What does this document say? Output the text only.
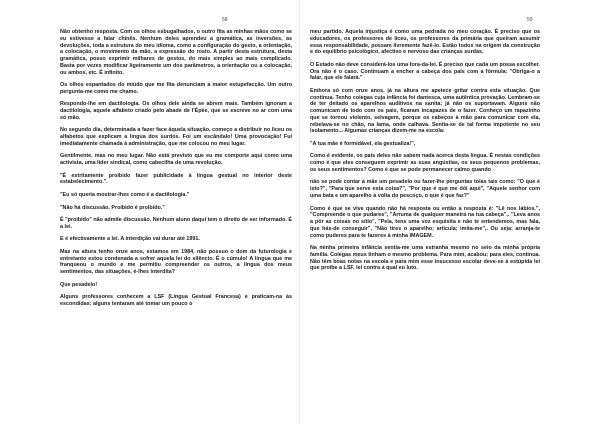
58

Não obtenho resposta. Com os olhos esbugalhados, o outro fita as minhas mãos como se eu estivesse a falar chinês. Nenhum deles aprendeu a gramática, as inversões, as devoluções, toda a estrutura do meu idioma, como a configuração do gesto, a orientação, a colocação, o movimento da mão, a expressão do rosto. A partir desta estrutura, desta gramática, posso exprimir milhares de gestos, do mais simples ao mais complicado. Basta por vezes modificar ligeiramente um dos parâmetros, a orientação ou a colocação, ou ambos, etc. É infinito.

Os olhos espantados do miúdo que me fita denunciam a maior estupefacção. Um outro pergunta-me como me chamo.

Respondo-lhe em dactilologia. Os olhos dele ainda se abrem mais. Também ignoram a dactilologia, aquele alfabeto criado pelo abade de l'Épée, que se escreve no ar com uma só mão.

No segundo dia, determinada a fazer face àquela situação, começo a distribuir no liceu os alfabetos que explicam a língua dos surdos. Foi um escândalo! Uma provocação! Fui imediatamente chamada à administração, que me colocou no meu lugar.

Gentilmente, mas no meu lugar. Não está previsto que eu me comporte aqui como uma activista, uma líder sindical, como cabecilha de uma revolução.

"É estritamente proibido fazer publicidade à língua gestual no interior deste estabelecimento.".

"Eu só queria mostrar-lhes como é a dactilologia."

"Não há discussão. Proibido é proibido."

É "proibido" não admite discussão. Nenhum aluno daqui tem o direito de ser informado. É a lei.

E é efectivamente a lei. A interdição vai durar até 1991.

Mas na altura tenho onze anos, estamos em 1984, não possuo o dom da futurologia e entretanto estou condenada a sofrer aquela lei do silêncio. É o cúmulo! A língua que me franqueou o mundo e me permitiu compreender os outros, a língua dos meus sentimentos, das situações, é-lhes interdita?

Que pesadelo!

Alguns professores conhecem a LSF (Língua Gestual Francesa) e praticam-na às escondidas; alguns tentaram até tomar um pouco o

59

meu partido. Aquela injustiça é como uma pedrada no meu coração. É preciso que os educadores, os professores de liceu, os professores da primária que queiram assumir essa responsabilidade, possam livremente fazê-lo. Estão todos na origem da construção e do equilíbrio psicológico, afectivo e nervoso das crianças surdas.

O Estado não deve considerá-los uma fora-da-lei. É preciso que cada um possa escolher. Ora não é o caso. Continuam a encher a cabeça dos pais com a fórmula: "Obriga-o a falar, que ele falará."

Embora só com onze anos, já na altura me apetece gritar contra esta situação. Que continua. Tenho colegas cuja infância foi dantesca, uma autêntica provação. Lembram-se de ter deitado os aparelhos auditivos na sanita; já não os suportavam. Alguns não comunicam de todo com os pais, ficaram incapazes de o fazer. Conheço um rapazinho que se tornou violento, selvagem, porque os cabeços à mão para comunicar com ela, rebelava-se no chão, na lama, onde calhava. Sentia-se de tal forma impotente no seu isolamento... Algumas crianças dizem-me na escola:

"A tua mãe é formidável, ela gestualiza!",

Como é evidente, os pais deles não sabem nada acerca desta língua. É nestas condições como é que eles conseguem exprimir as suas angústias, os seus pequenos problemas, os seus sentimentos? Como é que se pode permanecer calmo quando

não se pode contar à mãe um pesadelo ou fazer-lhe perguntas tolas tais como: "O que é isto?", "Para que serve esta coisa?", "Por que é que me dói aqui", "Aquele senhor com uma bata e um aparelho à volta do pescoço, o que é que faz?"

Como é que se vive quando não há resposta ou então a resposta é: "Lê nos lábios.", "Compreende o que pudares", "Arruma de qualquer maneira na tua cabeça",. "Leva anos a pôr as coisas no sítio", "Pela, tens uma voz esquisita e não te entendemos, mas fala, que hás-de conseguir", "Não tires o aparelho; articula; imita-me",. Ou seja: arranja-te como puderes para te fazeres à minha IMAGEM.

Na minha primeira infância sentia-me uma estranha mesmo no seio da minha própria família. Colegas meus tinham o mesmo problema. Para mim, acabou; para eles, continua. Não têm boas notas na escola e para mim esse insucesso escolar deve-se à estúpida lei que proibe a LSF, lei contra a qual eu luto.
